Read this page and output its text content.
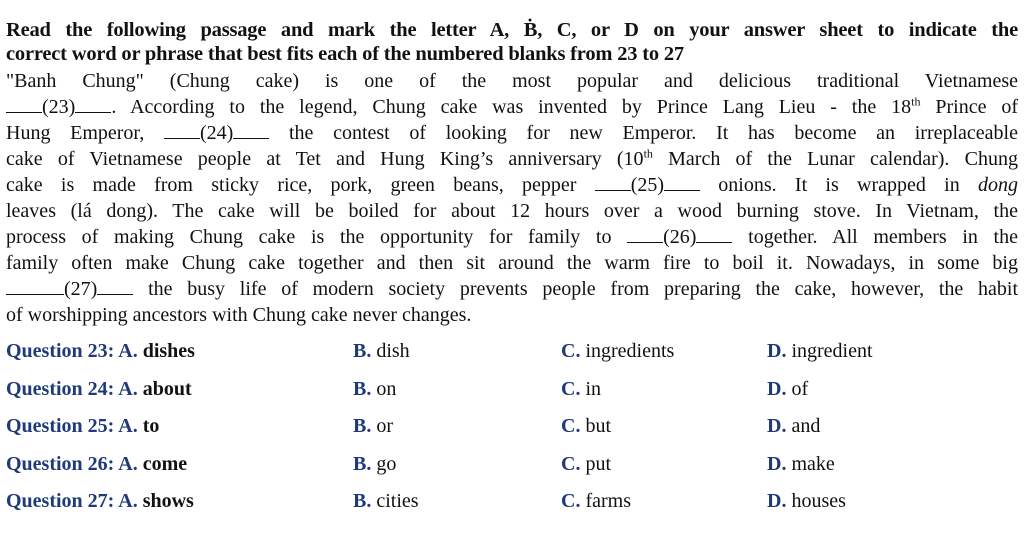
Read the following passage and mark the letter A, Ḃ, C, or D on your answer sheet to indicate the
correct word or phrase that best fits each of the numbered blanks from 23 to 27
"Banh Chung" (Chung cake) is one of the most popular and delicious traditional Vietnamese
(23) . According to the legend, Chung cake was invented by Prince Lang Lieu - the 18th Prince of
Hung Emperor, (24) the contest of looking for new Emperor. It has become an irreplaceable
cake of Vietnamese people at Tet and Hung King’s anniversary (10th March of the Lunar calendar). Chung
cake is made from sticky rice, pork, green beans, pepper (25) onions. It is wrapped in dong
leaves (lá dong). The cake will be boiled for about 12 hours over a wood burning stove. In Vietnam, the
process of making Chung cake is the opportunity for family to (26) together. All members in the
family often make Chung cake together and then sit around the warm fire to boil it. Nowadays, in some big
(27) the busy life of modern society prevents people from preparing the cake, however, the habit
of worshipping ancestors with Chung cake never changes.
Question 23: A. dishes	B. dish	C. ingredients	D. ingredient
Question 24: A. about	B. on	C. in	D. of
Question 25: A. to	B. or	C. but	D. and
Question 26: A. come	B. go	C. put	D. make
Question 27: A. shows	B. cities	C. farms	D. houses
